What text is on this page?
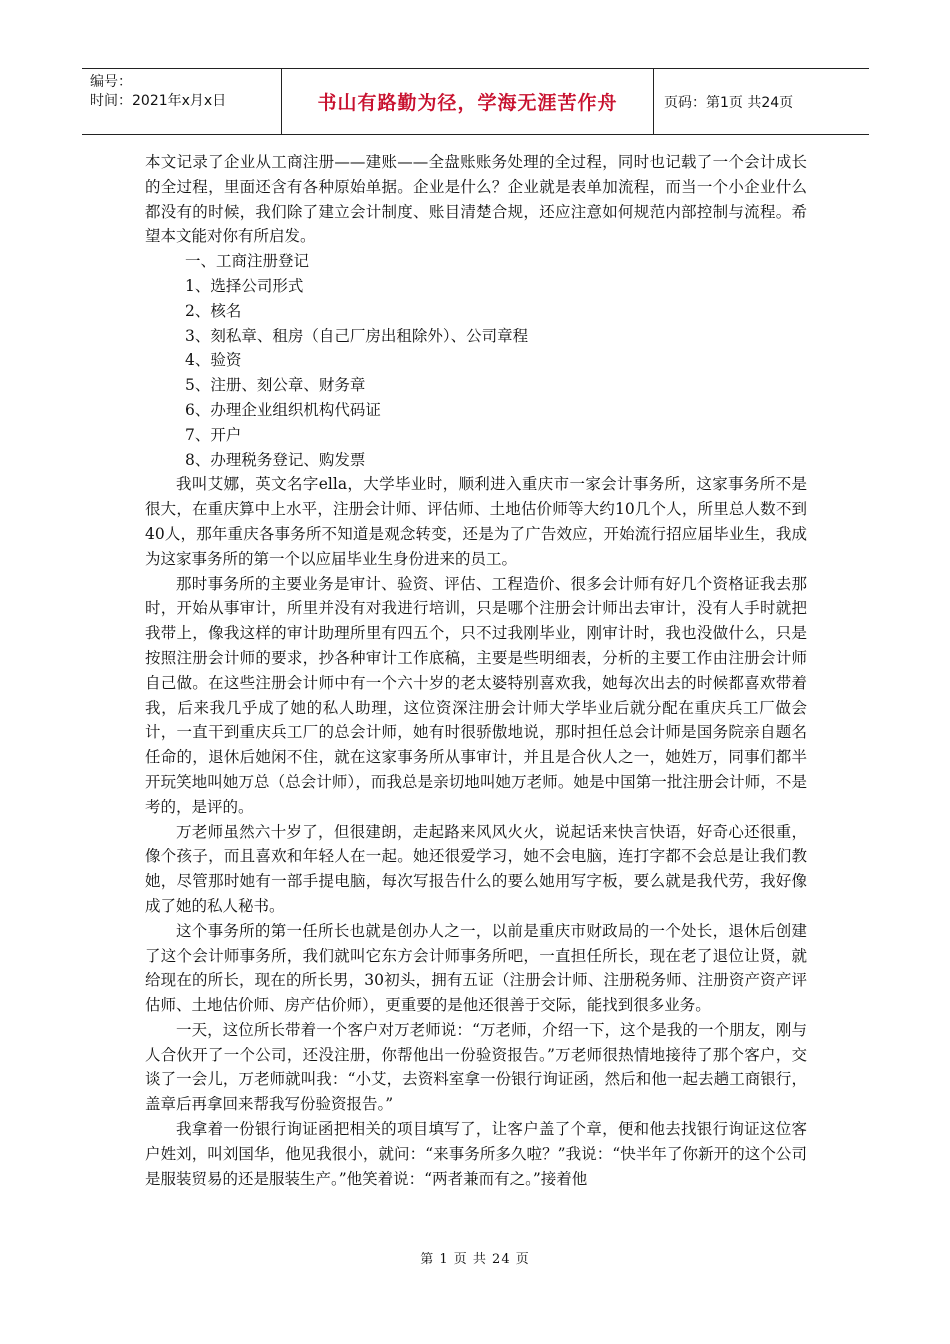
编号：
时间：2021年x月x日	书山有路勤为径，学海无涯苦作舟	页码：第1页 共24页

本文记录了企业从工商注册——建账——全盘账账务处理的全过程，同时也记载了一个会计成长的全过程，里面还含有各种原始单据。企业是什么？企业就是表单加流程，而当一个小企业什么都没有的时候，我们除了建立会计制度、账目清楚合规，还应注意如何规范内部控制与流程。希望本文能对你有所启发。

一、工商注册登记

1、选择公司形式

2、核名

3、刻私章、租房（自己厂房出租除外）、公司章程

4、验资

5、注册、刻公章、财务章

6、办理企业组织机构代码证

7、开户

8、办理税务登记、购发票

我叫艾娜，英文名字ella，大学毕业时，顺利进入重庆市一家会计事务所，这家事务所不是很大，在重庆算中上水平，注册会计师、评估师、土地估价师等大约10几个人，所里总人数不到40人，那年重庆各事务所不知道是观念转变，还是为了广告效应，开始流行招应届毕业生，我成为这家事务所的第一个以应届毕业生身份进来的员工。

那时事务所的主要业务是审计、验资、评估、工程造价、很多会计师有好几个资格证我去那时，开始从事审计，所里并没有对我进行培训，只是哪个注册会计师出去审计，没有人手时就把我带上，像我这样的审计助理所里有四五个，只不过我刚毕业，刚审计时，我也没做什么，只是按照注册会计师的要求，抄各种审计工作底稿，主要是些明细表，分析的主要工作由注册会计师自己做。在这些注册会计师中有一个六十岁的老太婆特别喜欢我，她每次出去的时候都喜欢带着我，后来我几乎成了她的私人助理，这位资深注册会计师大学毕业后就分配在重庆兵工厂做会计，一直干到重庆兵工厂的总会计师，她有时很骄傲地说，那时担任总会计师是国务院亲自题名任命的，退休后她闲不住，就在这家事务所从事审计，并且是合伙人之一，她姓万，同事们都半开玩笑地叫她万总（总会计师），而我总是亲切地叫她万老师。她是中国第一批注册会计师，不是考的，是评的。

万老师虽然六十岁了，但很建朗，走起路来风风火火，说起话来快言快语，好奇心还很重，像个孩子，而且喜欢和年轻人在一起。她还很爱学习，她不会电脑，连打字都不会总是让我们教她，尽管那时她有一部手提电脑，每次写报告什么的要么她用写字板，要么就是我代劳，我好像成了她的私人秘书。

这个事务所的第一任所长也就是创办人之一，以前是重庆市财政局的一个处长，退休后创建了这个会计师事务所，我们就叫它东方会计师事务所吧，一直担任所长，现在老了退位让贤，就给现在的所长，现在的所长男，30初头，拥有五证（注册会计师、注册税务师、注册资产资产评估师、土地估价师、房产估价师），更重要的是他还很善于交际，能找到很多业务。

一天，这位所长带着一个客户对万老师说：“万老师，介绍一下，这个是我的一个朋友，刚与人合伙开了一个公司，还没注册，你帮他出一份验资报告。”万老师很热情地接待了那个客户，交谈了一会儿，万老师就叫我：“小艾，去资料室拿一份银行询证函，然后和他一起去趟工商银行，盖章后再拿回来帮我写份验资报告。”

我拿着一份银行询证函把相关的项目填写了，让客户盖了个章，便和他去找银行询证这位客户姓刘，叫刘国华，他见我很小，就问：“来事务所多久啦？”我说：“快半年了你新开的这个公司是服装贸易的还是服装生产。”他笑着说：“两者兼而有之。”接着他

第 1 页 共 24 页
